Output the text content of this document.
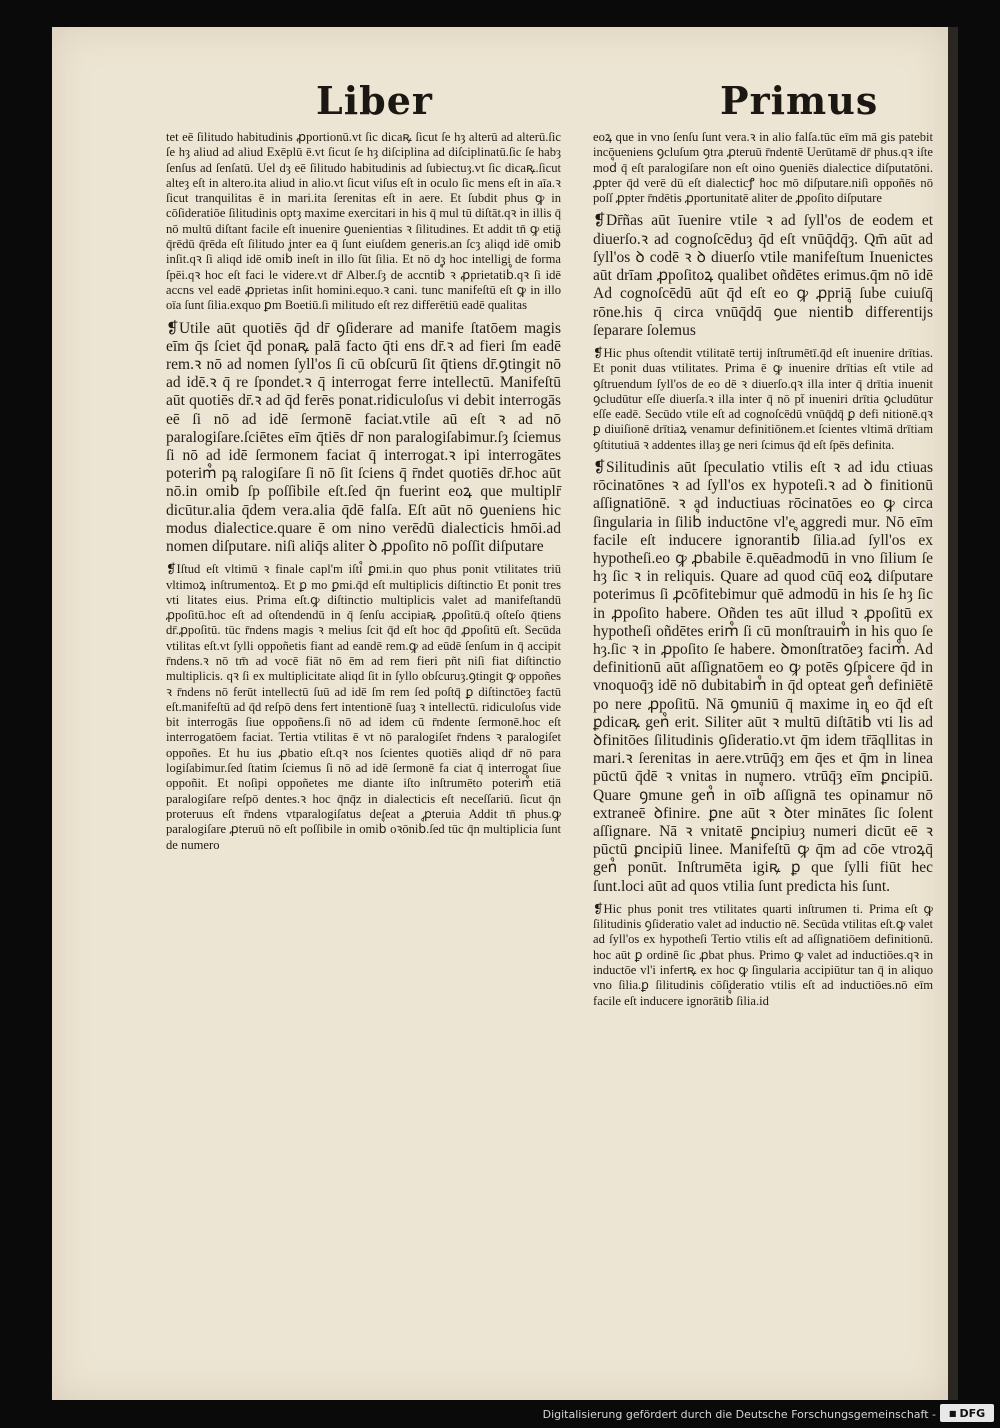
Liber	Primus

tet eē ſilitudo habitudinis ꝓportionū.vt ſic dicaꝶ ſicut ſe hȝ alterū ad alterū.ſic ſe hȝ aliud ad aliud Exēplū ē.vt ſicut ſe hȝ diſciplina ad diſciplinatū.ſic ſe habȝ ſenſus ad ſenſatū. Uel dȝ eē ſilitudo habitudinis ad ſubiectuȝ.vt ſic dicaꝶ.ſicut alteȝ eſt in altero.ita aliud in alio.vt ſicut viſus eſt in oculo ſic mens eſt in aīa.ꝛ ſicut tranquilitas ē in mari.ita ſerenitas eſt in aere. Et ſubdit phus ꝙ in cōſideratiōe ſilitudinis optȝ maxime exercitari in his q̄ mul tū diſtāt.qꝛ in illis q̄ nō multū diſtant facile eſt inuenire ꝯuenientias ꝛ ſilitudines. Et addit tn̄ ꝙ etiā q̄rēdū q̄rēda eſt ſilitudo inter ea q̄ ſunt eiuſdem generis.an ſcȝ aliqd idē omib᷒ inſit.qꝛ ſi aliqd idē omib᷒ ineſt in illo ſūt ſilia. Et nō dȝ hoc intelligi de forma ſpēi.qꝛ hoc eſt faci le videre.vt dr̄ Alber.ſȝ de accntib᷒ ꝛ ꝓprietatib᷒.qꝛ ſi idē accns vel eadē ꝓprietas inſit homini.equo.ꝛ cani. tunc manifeſtū eſt ꝙ in illo oīa ſunt ſilia.exquo ꝑm Boetiū.ſi militudo eſt rez differētiū eadē qualitas

❡Utile aūt quotiēs q̄d dr̄ ꝯſiderare ad manife ſtatōem magis eīm q̄s ſciet q̄d ponaꝶ palā facto q̄ti ens dr̄.ꝛ ad fieri ſm eadē rem.ꝛ nō ad nomen ſyll'os ſi cū obſcurū ſit q̄tiens dr̄.ꝯtingit nō ad idē.ꝛ q̄ re ſpondet.ꝛ q̄ interrogat ferre intellectū. Manifeſtū aūt quotiēs dr̄.ꝛ ad q̄d ferēs ponat.ridiculoſus vi debit interrogās eē ſi nō ad idē ſermonē faciat.vtile aū eſt ꝛ ad nō paralogiſare.ſciētes eīm q̄tiēs dr̄ non paralogiſabimur.ſȝ ſciemus ſi nō ad idē ſermonem faciat q̄ interrogat.ꝛ ipi interrogātes poterim᷒ pa ralogiſare ſi nō ſit ſciens q̄ r̄ndet quotiēs dr̄.hoc aūt nō.in omib᷒ ſp poſſibile eſt.ſed q̄n fuerint eoꝝ que multiplr̄ dicūtur.alia q̄dem vera.alia q̄dē falſa. Eſt aūt nō ꝯueniens hic modus dialectice.quare ē om nino verēdū dialecticis hmōi.ad nomen diſputare. niſi aliq̄s aliter ꝺ ꝓpoſito nō poſſit diſputare

❡Iſtud eſt vltimū ꝛ finale capl'm iſti᷒ ꝑmi.in quo phus ponit vtilitates triū vltimoꝝ inſtrumentoꝝ. Et ꝑ mo ꝑmi.q̄d eſt multiplicis diſtinctio Et ponit tres vti litates eius. Prima eſt.ꝙ diſtinctio multiplicis valet ad manifeſtandū ꝓpoſitū.hoc eſt ad oſtendendū in q̄ ſenſu accipiaꝶ ꝓpoſitū.q̄ oſteſo q̄tiens dr̄.ꝓpoſitū. tūc r̄ndens magis ꝛ melius ſcit q̄d eſt hoc q̄d ꝓpoſitū eſt. Secūda vtilitas eſt.vt ſylli oppoñetis fiant ad eandē rem.ꝙ ad eūdē ſenſum in q̄ accipit r̄ndens.ꝛ nō tm̄ ad vocē fiāt nō ēm ad rem fieri pñt niſi fiat diſtinctio multiplicis. qꝛ ſi ex multiplicitate aliqd ſit in ſyllo obſcuruȝ.ꝯtingit ꝙ oppoñes ꝛ r̄ndens nō ferūt intellectū ſuū ad idē ſm rem ſed poſtq̄ ꝑ diſtinctōeȝ factū eſt.manifeſtū ad q̄d reſpō dens fert intentionē ſuaȝ ꝛ intellectū. ridiculoſus vide bit interrogās ſiue oppoñens.ſi nō ad idem cū r̄ndente ſermonē.hoc eſt interrogatōem faciat. Tertia vtilitas ē vt nō paralogiſet r̄ndens ꝛ paralogiſet oppoñes. Et hu ius ꝓbatio eſt.qꝛ nos ſcientes quotiēs aliqd dr̄ nō para logiſabimur.ſed ſtatim ſciemus ſi nō ad idē ſermonē fa ciat q̄ interrogat ſiue oppoñit. Et noſipi oppoñetes me diante iſto inſtrumēto poterim᷒ etiā paralogiſare reſpō dentes.ꝛ hoc q̄nq̄z in dialecticis eſt neceſſariū. ſicut q̄n proteruus eſt r̄ndens vtparalogiſatus deſeat a ꝓteruia Addit tn̄ phus.ꝙ paralogiſare ꝓteruū nō eſt poſſibile in omib᷒ oꝛōnib᷒.ſed tūc q̄n multiplicia ſunt de numero

eoꝝ que in vno ſenſu ſunt vera.ꝛ in alio falſa.tūc eīm mā gis patebit incōueniens ꝯcluſum ꝯtra ꝓteruū r̄ndentē Uerūtamē dr̄ phus.qꝛ iſte mod᷒ q̄ eſt paralogiſare non eſt oino ꝯueniēs dialectice diſputatōni. ꝓpter q̄d verē dū eſt dialecticꝭ hoc mō diſputare.niſi oppoñēs nō poſſ ꝓpter r̄ndētis ꝓportunitatē aliter de ꝓpoſito diſputare

❡Dr̄ñas aūt īuenire vtile ꝛ ad ſyll'os de eodem et diuerſo.ꝛ ad cognoſcēduȝ q̄d eſt vnūq̄dq̄ȝ. Qm̄ aūt ad ſyll'os ꝺ codē ꝛ ꝺ diuerſo vtile manifeſtum Inuenictes aūt drīam ꝓpoſitoꝝ qualibet oñdētes erimus.q̄m nō idē Ad cognoſcēdū aūt q̄d eſt eo ꝙ ꝓpriā ſube cuiuſq̄ rōne.his q̄ circa vnūq̄dq̄ ꝯue nientib᷒ differentijs ſeparare ſolemus

❡Hic phus oſtendit vtilitatē tertij inſtrumētī.q̄d eſt inuenire drītias. Et ponit duas vtilitates. Prima ē ꝙ inuenire drītias eſt vtile ad ꝯſtruendum ſyll'os de eo dē ꝛ diuerſo.qꝛ illa inter q̄ drītia inuenit ꝯcludūtur eſſe diuerſa.ꝛ illa inter q̄ nō pt̄ inueniri drītia ꝯcludūtur eſſe eadē. Secūdo vtile eſt ad cognoſcēdū vnūq̄dq̄ ꝑ defi nitionē.qꝛ ꝑ diuiſionē drītiaꝝ venamur definitiōnem.et ſcientes vltimā drītiam ꝯſtitutiuā ꝛ addentes illaȝ ge neri ſcimus q̄d eſt ſpēs definita.

❡Silitudinis aūt ſpeculatio vtilis eſt ꝛ ad idu ctiuas rōcinatōnes ꝛ ad ſyll'os ex hypoteſi.ꝛ ad ꝺ finitionū aſſignatiōnē. ꝛ ad inductiuas rōcinatōes eo ꝙ circa ſingularia in ſilib᷒ inductōne vl'e aggredi mur. Nō eīm facile eſt inducere ignorantib᷒ ſilia.ad ſyll'os ex hypotheſi.eo ꝙ ꝓbabile ē.quēadmodū in vno ſilium ſe hȝ ſic ꝛ in reliquis. Quare ad quod cūq̄ eoꝝ diſputare poterimus ſi ꝓcōfitebimur quē admodū in his ſe hȝ ſic in ꝓpoſito habere. Oñden tes aūt illud ꝛ ꝓpoſitū ex hypotheſi oñdētes erim᷒ ſi cū monſtrauim᷒ in his quo ſe hȝ.ſic ꝛ in ꝓpoſito ſe habere. ꝺmonſtratōeȝ facim᷒. Ad definitionū aūt aſſignatōem eo ꝙ potēs ꝯſpicere q̄d in vnoquoq̄ȝ idē nō dubitabim᷒ in q̄d opteat gen᷒ definiētē po nere ꝓpoſitū. Nā ꝯmuniū q̄ maxime in eo q̄d eſt ꝑdicaꝶ gen᷒ erit. Siliter aūt ꝛ multū diſtātib᷒ vti lis ad ꝺfinitōes ſilitudinis ꝯſideratio.vt q̄m idem tr̄āqllitas in mari.ꝛ ſerenitas in aere.vtrūq̄ȝ em q̄es et q̄m in linea pūctū q̄dē ꝛ vnitas in numero. vtrūq̄ȝ eīm ꝑncipiū. Quare ꝯmune gen᷒ in oīb᷒ aſſignā tes opinamur nō extraneē ꝺfinire. ꝑne aūt ꝛ ꝺter minātes ſic ſolent aſſignare. Nā ꝛ vnitatē ꝑncipiuȝ numeri dicūt eē ꝛ pūctū ꝑncipiū linee. Manifeſtū ꝙ q̄m ad cōe vtroꝝq̄ gen᷒ ponūt. Inſtrumēta igiꝶ ꝑ que ſylli fiūt hec ſunt.loci aūt ad quos vtilia ſunt predicta his ſunt.

❡Hic phus ponit tres vtilitates quarti inſtrumen ti. Prima eſt ꝙ ſilitudinis ꝯſideratio valet ad inductio nē. Secūda vtilitas eſt.ꝙ valet ad ſyll'os ex hypotheſi Tertio vtilis eſt ad aſſignatiōem definitionū. hoc aūt ꝑ ordinē ſic ꝓbat phus. Primo ꝙ valet ad inductiōes.qꝛ in inductōe vl'i infertꝶ ex hoc ꝙ ſingularia accipiūtur tan q̄ in aliquo vno ſilia.ꝑ ſilitudinis cōſideratio vtilis eſt ad inductiōes.nō eīm facile eſt inducere ignorātib᷒ ſilia.id

Digitalisierung gefördert durch die Deutsche Forschungsgemeinschaft - ■ DFG
